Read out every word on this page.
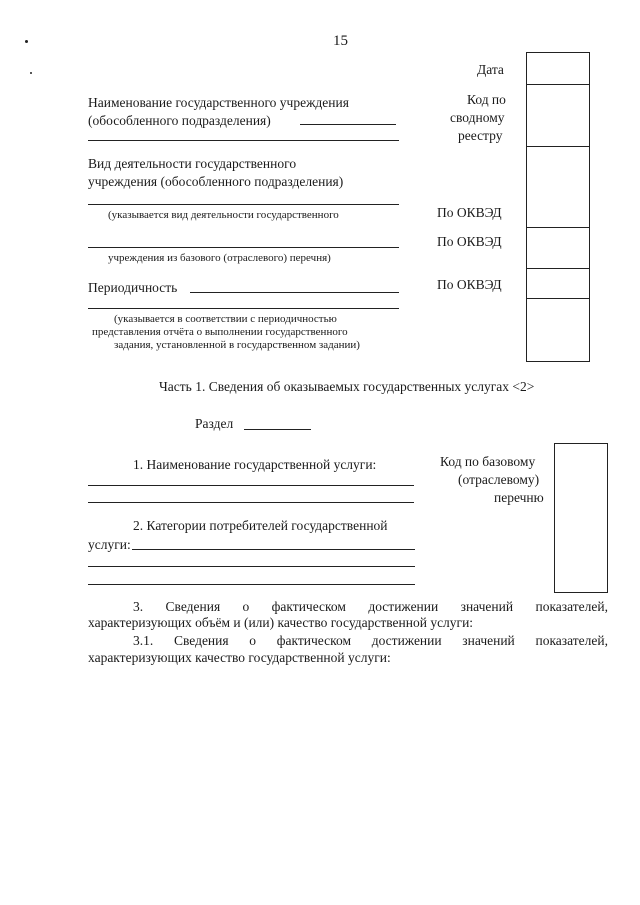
15
Дата
Код по
сводному
реестру
По ОКВЭД
По ОКВЭД
По ОКВЭД
Наименование государственного учреждения
(обособленного подразделения)
Вид деятельности государственного
учреждения (обособленного подразделения)
(указывается вид деятельности государственного
учреждения из базового (отраслевого) перечня)
Периодичность
(указывается в соответствии с периодичностью
представления отчёта о выполнении государственного
задания, установленной в государственном задании)
Часть 1. Сведения об оказываемых государственных услугах <2>
Раздел
1. Наименование государственной услуги:	Код по базовому
(отраслевому)
перечню
2. Категории потребителей государственной
услуги:
3. Сведения о фактическом достижении значений показателей,
характеризующих объём и (или) качество государственной услуги:
3.1. Сведения о фактическом достижении значений показателей,
характеризующих качество государственной услуги:
